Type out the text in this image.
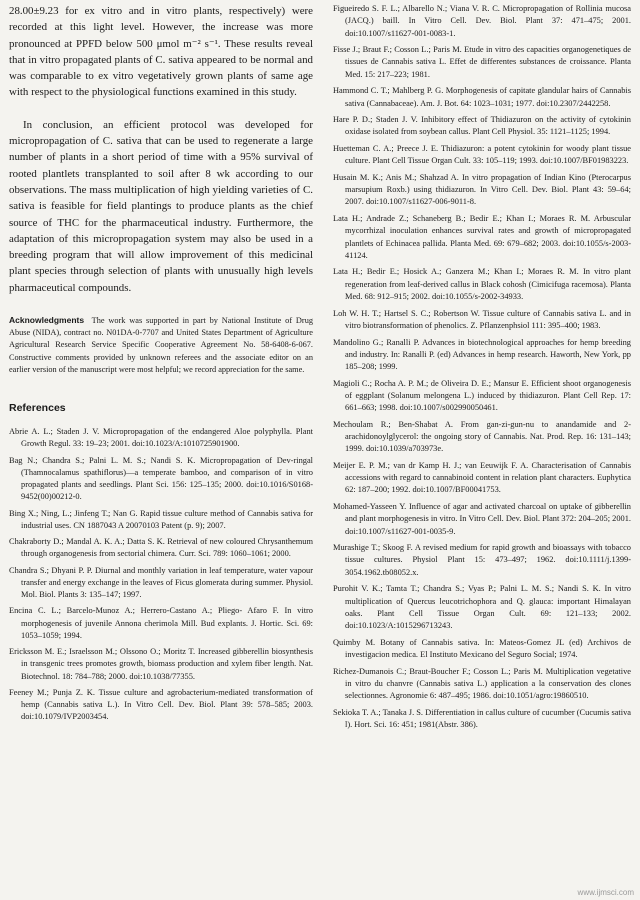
28.00±9.23 for ex vitro and in vitro plants, respectively) were recorded at this light level. However, the increase was more pronounced at PPFD below 500 μmol m⁻² s⁻¹. These results reveal that in vitro propagated plants of C. sativa appeared to be normal and was comparable to ex vitro vegetatively grown plants of same age with respect to the physiological functions examined in this study.

In conclusion, an efficient protocol was developed for micropropagation of C. sativa that can be used to regenerate a large number of plants in a short period of time with a 95% survival of rooted plantlets transplanted to soil after 8 wk according to our observations. The mass multiplication of high yielding varieties of C. sativa is feasible for field plantings to produce plants as the chief source of THC for the pharmaceutical industry. Furthermore, the adaptation of this micropropagation system may also be used in a breeding program that will allow improvement of this medicinal plant species through selection of plants with unusually high levels pharmaceutical compounds.

Acknowledgments The work was supported in part by National Institute of Drug Abuse (NIDA), contract no. N01DA-0-7707 and United States Department of Agriculture Agricultural Research Service Specific Cooperative Agreement No. 58-6408-6-067. Constructive comments provided by unknown referees and the associate editor on an earlier version of the manuscript were most helpful; we record appreciation for the same.
References

Abrie A. L.; Staden J. V. Micropropagation of the endangered Aloe polyphylla. Plant Growth Regul. 33: 19–23; 2001. doi:10.1023/A:1010725901900.

Bag N.; Chandra S.; Palni L. M. S.; Nandi S. K. Micropropagation of Dev-ringal (Thamnocalamus spathiflorus)—a temperate bamboo, and comparison of in vitro propagated plants and seedlings. Plant Sci. 156: 125–135; 2000. doi:10.1016/S0168-9452(00)00212-0.

Bing X.; Ning, L.; Jinfeng T.; Nan G. Rapid tissue culture method of Cannabis sativa for industrial uses. CN 1887043 A 20070103 Patent (p. 9); 2007.

Chakraborty D.; Mandal A. K. A.; Datta S. K. Retrieval of new coloured Chrysanthemum through organogenesis from sectorial chimera. Curr. Sci. 789: 1060–1061; 2000.

Chandra S.; Dhyani P. P. Diurnal and monthly variation in leaf temperature, water vapour transfer and energy exchange in the leaves of Ficus glomerata during summer. Physiol. Mol. Biol. Plants 3: 135–147; 1997.

Encina C. L.; Barcelo-Munoz A.; Herrero-Castano A.; Pliego- Afaro F. In vitro morphogenesis of juvenile Annona cherimola Mill. Bud explants. J. Hortic. Sci. 69: 1053–1059; 1994.

Ericksson M. E.; Israelsson M.; Olssono O.; Moritz T. Increased gibberellin biosynthesis in transgenic trees promotes growth, biomass production and xylem fiber length. Nat. Biotechnol. 18: 784–788; 2000. doi:10.1038/77355.

Feeney M.; Punja Z. K. Tissue culture and agrobacterium-mediated transformation of hemp (Cannabis sativa L.). In Vitro Cell. Dev. Biol. Plant 39: 578–585; 2003. doi:10.1079/IVP2003454.

Figueiredo S. F. L.; Albarello N.; Viana V. R. C. Micropropagation of Rollinia mucosa (JACQ.) baill. In Vitro Cell. Dev. Biol. Plant 37: 471–475; 2001. doi:10.1007/s11627-001-0083-1.

Fisse J.; Braut F.; Cosson L.; Paris M. Etude in vitro des capacities organogenetiques de tissues de Cannabis sativa L. Effet de differentes substances de croissance. Planta Med. 15: 217–223; 1981.

Hammond C. T.; Mahlberg P. G. Morphogenesis of capitate glandular hairs of Cannabis sativa (Cannabaceae). Am. J. Bot. 64: 1023–1031; 1977. doi:10.2307/2442258.

Hare P. D.; Staden J. V. Inhibitory effect of Thidiazuron on the activity of cytokinin oxidase isolated from soybean callus. Plant Cell Physiol. 35: 1121–1125; 1994.

Huetteman C. A.; Preece J. E. Thidiazuron: a potent cytokinin for woody plant tissue culture. Plant Cell Tissue Organ Cult. 33: 105–119; 1993. doi:10.1007/BF01983223.

Husain M. K.; Anis M.; Shahzad A. In vitro propagation of Indian Kino (Pterocarpus marsupium Roxb.) using thidiazuron. In Vitro Cell. Dev. Biol. Plant 43: 59–64; 2007. doi:10.1007/s11627-006-9011-8.

Lata H.; Andrade Z.; Schaneberg B.; Bedir E.; Khan I.; Moraes R. M. Arbuscular mycorrhizal inoculation enhances survival rates and growth of micropropagated plantlets of Echinacea pallida. Planta Med. 69: 679–682; 2003. doi:10.1055/s-2003-41124.

Lata H.; Bedir E.; Hosick A.; Ganzera M.; Khan I.; Moraes R. M. In vitro plant regeneration from leaf-derived callus in Black cohosh (Cimicifuga racemosa). Planta Med. 68: 912–915; 2002. doi:10.1055/s-2002-34933.

Loh W. H. T.; Hartsel S. C.; Robertson W. Tissue culture of Cannabis sativa L. and in vitro biotransformation of phenolics. Z. Pflanzenphsiol 111: 395–400; 1983.

Mandolino G.; Ranalli P. Advances in biotechnological approaches for hemp breeding and industry. In: Ranalli P. (ed) Advances in hemp research. Haworth, New York, pp 185–208; 1999.

Magioli C.; Rocha A. P. M.; de Oliveira D. E.; Mansur E. Efficient shoot organogenesis of eggplant (Solanum melongena L.) induced by thidiazuron. Plant Cell Rep. 17: 661–663; 1998. doi:10.1007/s002990050461.

Mechoulam R.; Ben-Shabat A. From gan-zi-gun-nu to anandamide and 2-arachidonoylglycerol: the ongoing story of Cannabis. Nat. Prod. Rep. 16: 131–143; 1999. doi:10.1039/a703973e.

Meijer E. P. M.; van dr Kamp H. J.; van Eeuwijk F. A. Characterisation of Cannabis accessions with regard to cannabinoid content in relation plant characters. Euphytica 62: 187–200; 1992. doi:10.1007/BF00041753.

Mohamed-Yasseen Y. Influence of agar and activated charcoal on uptake of gibberellin and plant morphogenesis in vitro. In Vitro Cell. Dev. Biol. Plant 372: 204–205; 2001. doi:10.1007/s11627-001-0035-9.

Murashige T.; Skoog F. A revised medium for rapid growth and bioassays with tobacco tissue cultures. Physiol Plant 15: 473–497; 1962. doi:10.1111/j.1399-3054.1962.tb08052.x.

Purohit V. K.; Tamta T.; Chandra S.; Vyas P.; Palni L. M. S.; Nandi S. K. In vitro multiplication of Quercus leucotrichophora and Q. glauca: important Himalayan oaks. Plant Cell Tissue Organ Cult. 69: 121–133; 2002. doi:10.1023/A:1015296713243.

Quimby M. Botany of Cannabis sativa. In: Mateos-Gomez JL (ed) Archivos de investigacion medica. El Instituto Mexicano del Seguro Social; 1974.

Richez-Dumanois C.; Braut-Boucher F.; Cosson L.; Paris M. Multiplication vegetative in vitro du chanvre (Cannabis sativa L.) application a la conservation des clones selectionnes. Agronomie 6: 487–495; 1986. doi:10.1051/agro:19860510.

Sekioka T. A.; Tanaka J. S. Differentiation in callus culture of cucumber (Cucumis sativa l). Hort. Sci. 16: 451; 1981(Abstr. 386).

www.ijmsci.com
